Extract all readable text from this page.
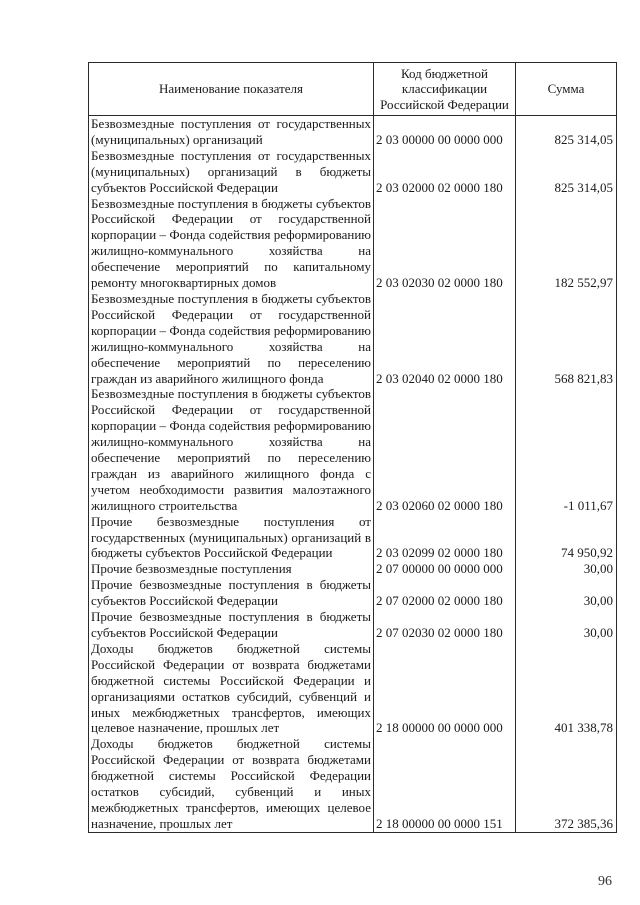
Наименование показателя	Код бюджетной классификации Российской Федерации	Сумма
Безвозмездные поступления от государственных (муниципальных) организаций	2 03 00000 00 0000 000	825 314,05
Безвозмездные поступления от государственных (муниципальных) организаций в бюджеты субъектов Российской Федерации	2 03 02000 02 0000 180	825 314,05
Безвозмездные поступления в бюджеты субъектов Российской Федерации от государственной корпорации – Фонда содействия реформированию жилищно-коммунального хозяйства на обеспечение мероприятий по капитальному ремонту многоквартирных домов	2 03 02030 02 0000 180	182 552,97
Безвозмездные поступления в бюджеты субъектов Российской Федерации от государственной корпорации – Фонда содействия реформированию жилищно-коммунального хозяйства на обеспечение мероприятий по переселению граждан из аварийного жилищного фонда	2 03 02040 02 0000 180	568 821,83
Безвозмездные поступления в бюджеты субъектов Российской Федерации от государственной корпорации – Фонда содействия реформированию жилищно-коммунального хозяйства на обеспечение мероприятий по переселению граждан из аварийного жилищного фонда с учетом необходимости развития малоэтажного жилищного строительства	2 03 02060 02 0000 180	-1 011,67
Прочие безвозмездные поступления от государственных (муниципальных) организаций в бюджеты субъектов Российской Федерации	2 03 02099 02 0000 180	74 950,92
Прочие безвозмездные поступления	2 07 00000 00 0000 000	30,00
Прочие безвозмездные поступления в бюджеты субъектов Российской Федерации	2 07 02000 02 0000 180	30,00
Прочие безвозмездные поступления в бюджеты субъектов Российской Федерации	2 07 02030 02 0000 180	30,00
Доходы бюджетов бюджетной системы Российской Федерации от возврата бюджетами бюджетной системы Российской Федерации и организациями остатков субсидий, субвенций и иных межбюджетных трансфертов, имеющих целевое назначение, прошлых лет	2 18 00000 00 0000 000	401 338,78
Доходы бюджетов бюджетной системы Российской Федерации от возврата бюджетами бюджетной системы Российской Федерации остатков субсидий, субвенций и иных межбюджетных трансфертов, имеющих целевое назначение, прошлых лет	2 18 00000 00 0000 151	372 385,36
96
